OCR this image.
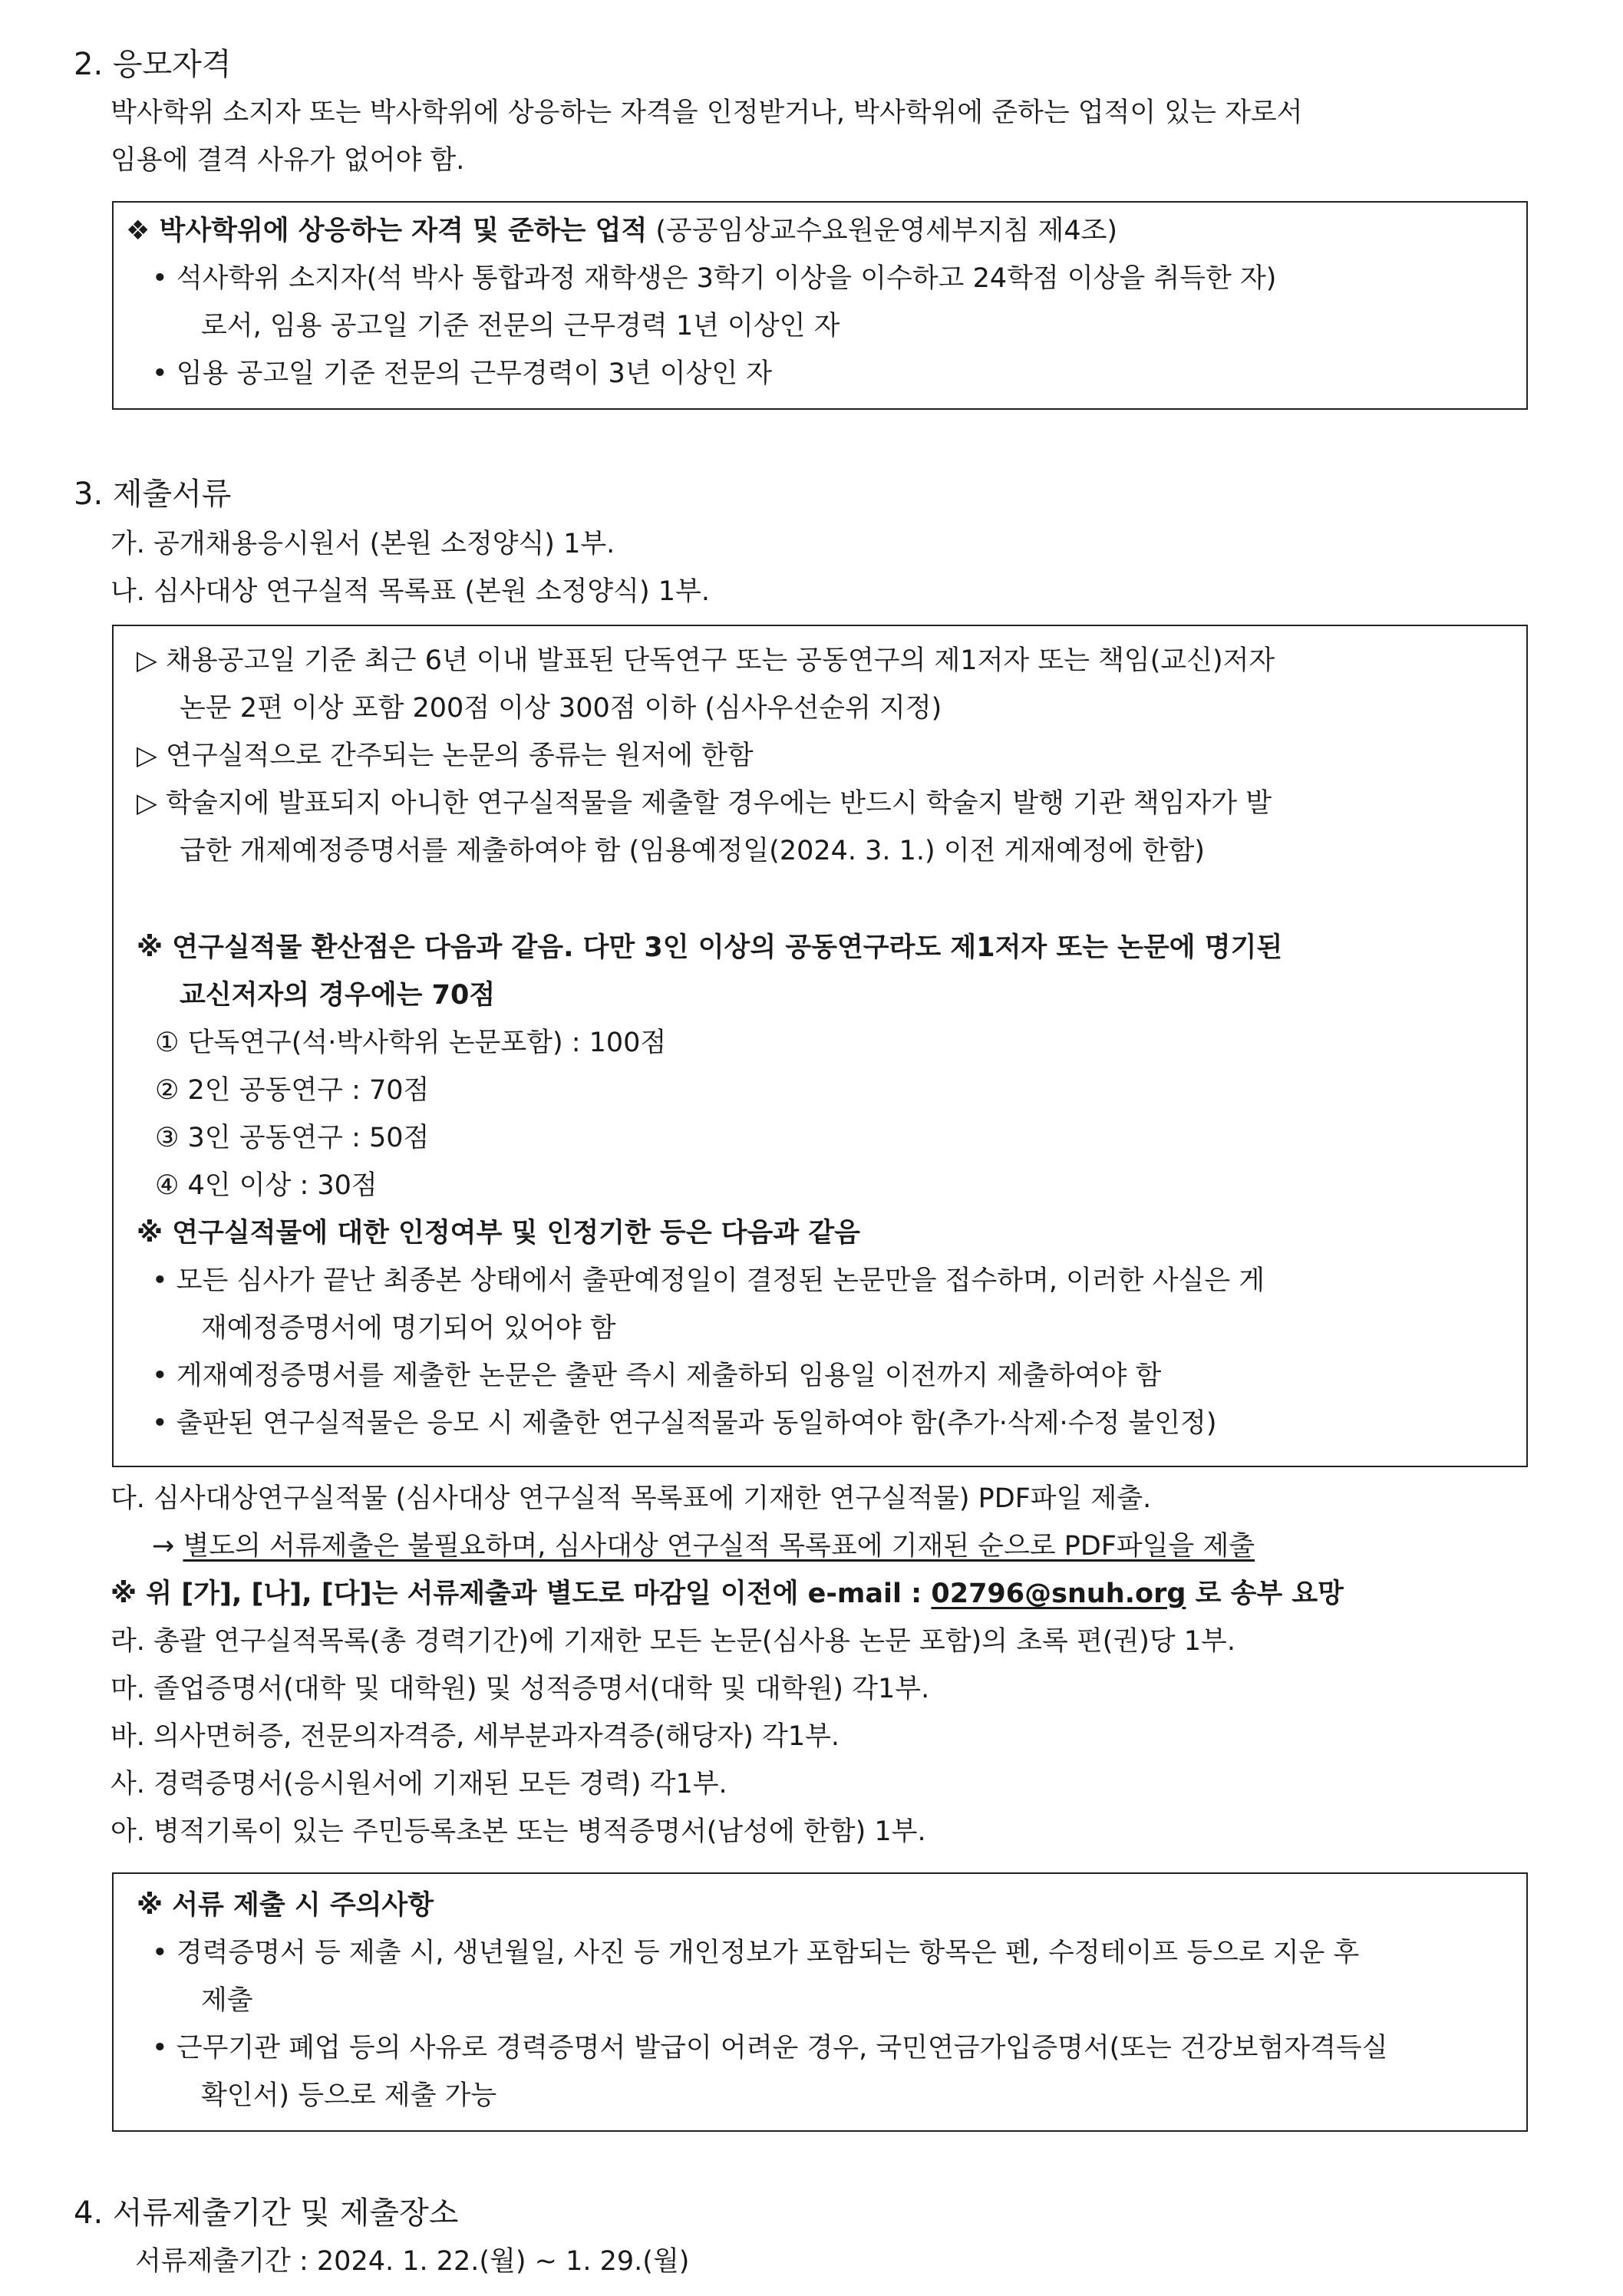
2. 응모자격
박사학위 소지자 또는 박사학위에 상응하는 자격을 인정받거나, 박사학위에 준하는 업적이 있는 자로서
임용에 결격 사유가 없어야 함.
❖ 박사학위에 상응하는 자격 및 준하는 업적 (공공임상교수요원운영세부지침 제4조)
• 석사학위 소지자(석 박사 통합과정 재학생은 3학기 이상을 이수하고 24학점 이상을 취득한 자)
로서, 임용 공고일 기준 전문의 근무경력 1년 이상인 자
• 임용 공고일 기준 전문의 근무경력이 3년 이상인 자
3. 제출서류
가. 공개채용응시원서 (본원 소정양식) 1부.
나. 심사대상 연구실적 목록표 (본원 소정양식) 1부.
▷ 채용공고일 기준 최근 6년 이내 발표된 단독연구 또는 공동연구의 제1저자 또는 책임(교신)저자
논문 2편 이상 포함 200점 이상 300점 이하 (심사우선순위 지정)
▷ 연구실적으로 간주되는 논문의 종류는 원저에 한함
▷ 학술지에 발표되지 아니한 연구실적물을 제출할 경우에는 반드시 학술지 발행 기관 책임자가 발
급한 개제예정증명서를 제출하여야 함 (임용예정일(2024. 3. 1.) 이전 게재예정에 한함)
※ 연구실적물 환산점은 다음과 같음. 다만 3인 이상의 공동연구라도 제1저자 또는 논문에 명기된
교신저자의 경우에는 70점
① 단독연구(석·박사학위 논문포함) : 100점
② 2인 공동연구 : 70점
③ 3인 공동연구 : 50점
④ 4인 이상 : 30점
※ 연구실적물에 대한 인정여부 및 인정기한 등은 다음과 같음
• 모든 심사가 끝난 최종본 상태에서 출판예정일이 결정된 논문만을 접수하며, 이러한 사실은 게
재예정증명서에 명기되어 있어야 함
• 게재예정증명서를 제출한 논문은 출판 즉시 제출하되 임용일 이전까지 제출하여야 함
• 출판된 연구실적물은 응모 시 제출한 연구실적물과 동일하여야 함(추가·삭제·수정 불인정)
다. 심사대상연구실적물 (심사대상 연구실적 목록표에 기재한 연구실적물) PDF파일 제출.
→ 별도의 서류제출은 불필요하며, 심사대상 연구실적 목록표에 기재된 순으로 PDF파일을 제출
※ 위 [가], [나], [다]는 서류제출과 별도로 마감일 이전에 e-mail : 02796@snuh.org 로 송부 요망
라. 총괄 연구실적목록(총 경력기간)에 기재한 모든 논문(심사용 논문 포함)의 초록 편(권)당 1부.
마. 졸업증명서(대학 및 대학원) 및 성적증명서(대학 및 대학원) 각1부.
바. 의사면허증, 전문의자격증, 세부분과자격증(해당자) 각1부.
사. 경력증명서(응시원서에 기재된 모든 경력) 각1부.
아. 병적기록이 있는 주민등록초본 또는 병적증명서(남성에 한함) 1부.
※ 서류 제출 시 주의사항
• 경력증명서 등 제출 시, 생년월일, 사진 등 개인정보가 포함되는 항목은 펜, 수정테이프 등으로 지운 후
제출
• 근무기관 폐업 등의 사유로 경력증명서 발급이 어려운 경우, 국민연금가입증명서(또는 건강보험자격득실
확인서) 등으로 제출 가능
4. 서류제출기간 및 제출장소
서류제출기간 : 2024. 1. 22.(월) ~ 1. 29.(월)
